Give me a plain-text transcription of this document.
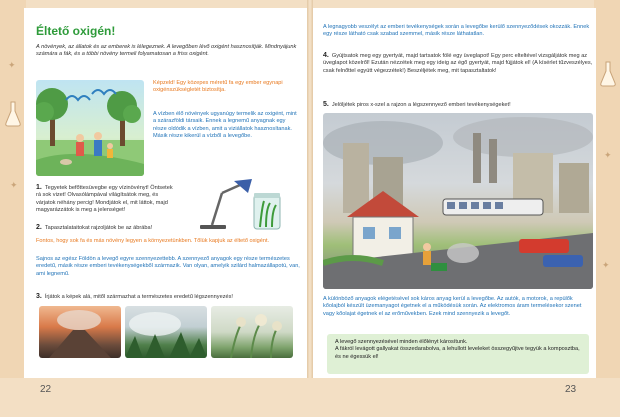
✦
✦
✦
✦
Éltető oxigén!
A növények, az állatok és az emberek is lélegeznek. A levegőben lévő oxigént hasznosítják. Mindnyájunk számára a fák, és a többi növény termeli folyamatosan a friss oxigént.
Képzeld! Egy közepes méretű fa egy ember egynapi oxigénszükségletét biztosítja.
A vízben élő növények ugyanúgy termelik az oxigént, mint a szárazföldi társaik. Ennek a legnemű anyagnak egy része oldódik a vízben, amit a viziállatok hasznosítanak. Másik része kikerül a vízből a levegőbe.
1. Tegyetek befőttesüvegbe egy vízinövényt! Öntsetek rá sok vizet! Olvasólámpával világítsátok meg, és várjatok néhány percig! Mondjátok el, mit láttok, majd magyarázzátok is meg a jelenséget!
2. Tapasztalataitokat rajzoljátok be az ábrába!
Fontos, hogy sok fa és más növény legyen a környezetünkben. Tőlük kapjuk az éltető oxigént.
Sajnos az egész Földön a levegő egyre szennyezettebb. A szennyező anyagok egy része természetes eredetű, másik része emberi tevékenységekből származik. Van olyan, amelyik szilárd halmazállapotú, van, ami legnemű.
3. Írjátok a képek alá, mitől származhat a természetes eredetű légszennyezés!
22
A legnagyobb veszélyt az emberi tevékenységek során a levegőbe kerülő szennyeződések okozzák. Ennek egy része látható csak szabad szemmel, másik része láthatatlan.
4. Gyújtsatok meg egy gyertyát, majd tartsatok fölé egy üveglapot! Egy perc elteltével vizsgáljátok meg az üveglapot közelről! Ezután nézzétek meg egy ideig az égő gyertyát, majd fújjátok el! (A kísérlet tűzveszélyes, csak felnőttel együtt végezzétek!) Beszéljétek meg, mit tapasztaltatok!
5. Jelöljétek piros x-szel a rajzon a légszennyező emberi tevékenységeket!
A különböző anyagok elégetésével sok káros anyag kerül a levegőbe. Az autók, a motorok, a repülők kőolajból készült üzemanyagot égetnek el a működésük során. Az elektromos áram termelésekor szenet vagy kőolajat égetnek el az erőművekben. Ezek mind szennyezik a levegőt.
A levegő szennyezésével minden élőlényt károsítunk.
A fákról levágott gallyakat összedarabolva, a lehullott leveleket összegyűjtve tegyük a komposztba, és ne égessük el!
23
